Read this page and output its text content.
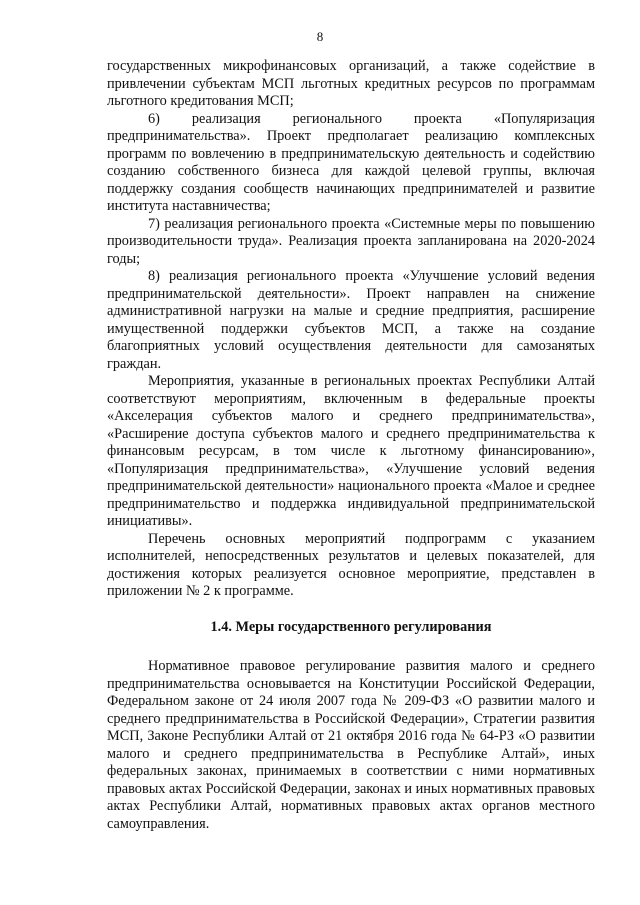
8

государственных микрофинансовых организаций, а также содействие в привлечении субъектам МСП льготных кредитных ресурсов по программам льготного кредитования МСП;

6) реализация регионального проекта «Популяризация предпринимательства». Проект предполагает реализацию комплексных программ по вовлечению в предпринимательскую деятельность и содействию созданию собственного бизнеса для каждой целевой группы, включая поддержку создания сообществ начинающих предпринимателей и развитие института наставничества;

7) реализация регионального проекта «Системные меры по повышению производительности труда». Реализация проекта запланирована на 2020-2024 годы;

8) реализация регионального проекта «Улучшение условий ведения предпринимательской деятельности». Проект направлен на снижение административной нагрузки на малые и средние предприятия, расширение имущественной поддержки субъектов МСП, а также на создание благоприятных условий осуществления деятельности для самозанятых граждан.

Мероприятия, указанные в региональных проектах Республики Алтай соответствуют мероприятиям, включенным в федеральные проекты «Акселерация субъектов малого и среднего предпринимательства», «Расширение доступа субъектов малого и среднего предпринимательства к финансовым ресурсам, в том числе к льготному финансированию», «Популяризация предпринимательства», «Улучшение условий ведения предпринимательской деятельности» национального проекта «Малое и среднее предпринимательство и поддержка индивидуальной предпринимательской инициативы».

Перечень основных мероприятий подпрограмм с указанием исполнителей, непосредственных результатов и целевых показателей, для достижения которых реализуется основное мероприятие, представлен в приложении № 2 к программе.

1.4. Меры государственного регулирования

Нормативное правовое регулирование развития малого и среднего предпринимательства основывается на Конституции Российской Федерации, Федеральном законе от 24 июля 2007 года № 209-ФЗ «О развитии малого и среднего предпринимательства в Российской Федерации», Стратегии развития МСП, Законе Республики Алтай от 21 октября 2016 года № 64-РЗ «О развитии малого и среднего предпринимательства в Республике Алтай», иных федеральных законах, принимаемых в соответствии с ними нормативных правовых актах Российской Федерации, законах и иных нормативных правовых актах Республики Алтай, нормативных правовых актах органов местного самоуправления.
